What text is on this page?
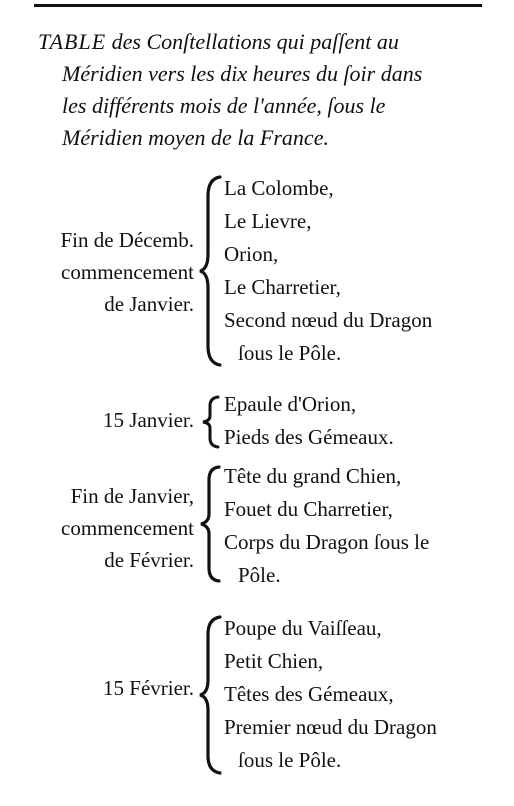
TABLE des Conſtellations qui paſſent au
Méridien vers les dix heures du ſoir dans
les différents mois de l'année, ſous le
Méridien moyen de la France.
Fin de Décemb.
commencement
de Janvier.
La Colombe,
Le Lievre,
Orion,
Le Charretier,
Second nœud du Dragon
ſous le Pôle.
15 Janvier.
Epaule d'Orion,
Pieds des Gémeaux.
Fin de Janvier,
commencement
de Février.
Tête du grand Chien,
Fouet du Charretier,
Corps du Dragon ſous le
Pôle.
15 Février.
Poupe du Vaiſſeau,
Petit Chien,
Têtes des Gémeaux,
Premier nœud du Dragon
ſous le Pôle.
